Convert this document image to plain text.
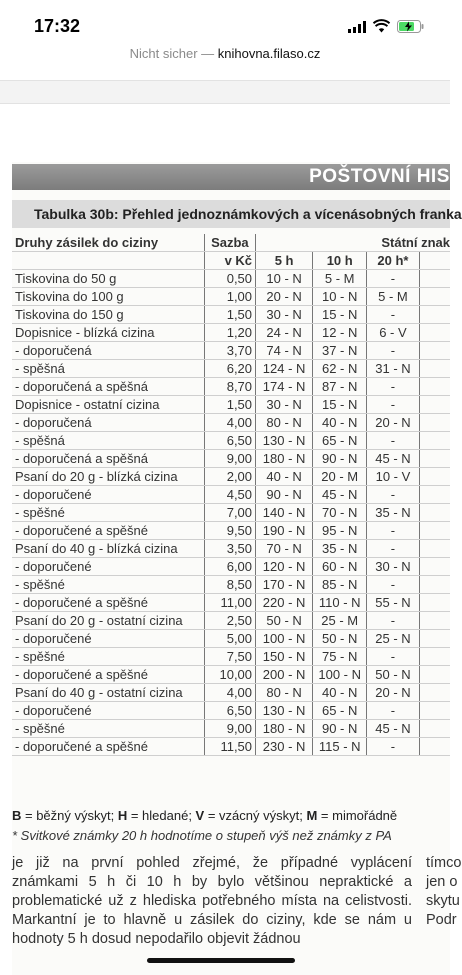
17:32
Nicht sicher — knihovna.filaso.cz
POŠTOVNÍ HIST
Tabulka 30b: Přehled jednoznámkových a vícenásobných franka
Druhy zásilek do ciziny	Sazba	Státní znak			
	v Kč	5 h	10 h	20 h*	
Tiskovina do 50 g	0,50	10 - N	5 - M	-	
Tiskovina do 100 g	1,00	20 - N	10 - N	5 - M	
Tiskovina do 150 g	1,50	30 - N	15 - N	-	
Dopisnice - blízká cizina	1,20	24 - N	12 - N	6 - V	
- doporučená	3,70	74 - N	37 - N	-	
- spěšná	6,20	124 - N	62 - N	31 - N	
- doporučená a spěšná	8,70	174 - N	87 - N	-	
Dopisnice - ostatní cizina	1,50	30 - N	15 - N	-	
- doporučená	4,00	80 - N	40 - N	20 - N	
- spěšná	6,50	130 - N	65 - N	-	
- doporučená a spěšná	9,00	180 - N	90 - N	45 - N	
Psaní do 20 g - blízká cizina	2,00	40 - N	20 - M	10 - V	
- doporučené	4,50	90 - N	45 - N	-	
- spěšné	7,00	140 - N	70 - N	35 - N	
- doporučené a spěšné	9,50	190 - N	95 - N	-	
Psaní do 40 g - blízká cizina	3,50	70 - N	35 - N	-	
- doporučené	6,00	120 - N	60 - N	30 - N	
- spěšné	8,50	170 - N	85 - N	-	
- doporučené a spěšné	11,00	220 - N	110 - N	55 - N	
Psaní do 20 g - ostatní cizina	2,50	50 - N	25 - M	-	
- doporučené	5,00	100 - N	50 - N	25 - N	
- spěšné	7,50	150 - N	75 - N	-	
- doporučené a spěšné	10,00	200 - N	100 - N	50 - N	
Psaní do 40 g - ostatní cizina	4,00	80 - N	40 - N	20 - N	
- doporučené	6,50	130 - N	65 - N	-	
- spěšné	9,00	180 - N	90 - N	45 - N	
- doporučené a spěšné	11,50	230 - N	115 - N	-	
B = běžný výskyt; H = hledané; V = vzácný výskyt; M = mimořádně
* Svitkové známky 20 h hodnotíme o stupeň výš než známky z PA

je již na první pohled zřejmé, že případné vyplácení známkami 5 h či 10 h by bylo většinou nepraktické a problematické už z hlediska potřebného místa na celistvosti. Markantní je to hlavně u zásilek do ciziny, kde se nám u hodnoty 5 h dosud nepodařilo objevit žádnou

tímco
jen o
skytu
Podr
